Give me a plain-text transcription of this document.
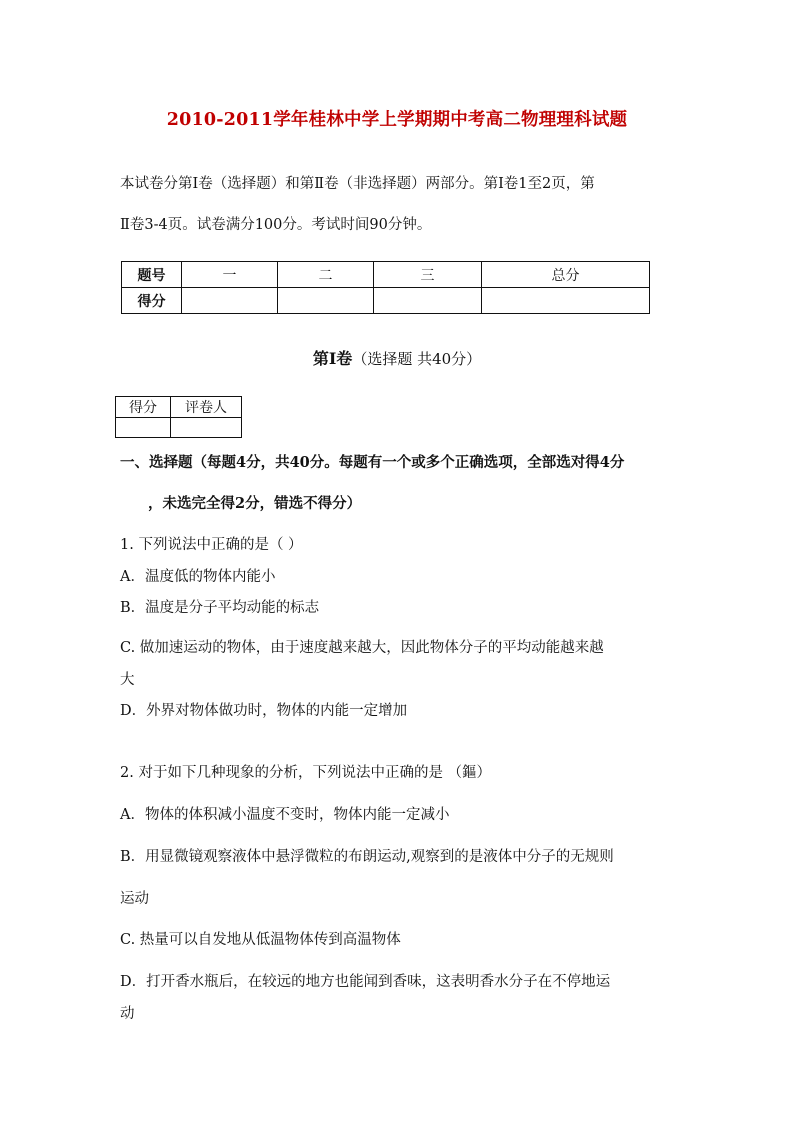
2010-2011学年桂林中学上学期期中考高二物理理科试题
本试卷分第Ⅰ卷（选择题）和第Ⅱ卷（非选择题）两部分。第Ⅰ卷1至2页，第
Ⅱ卷3-4页。试卷满分100分。考试时间90分钟。
题号	一	二	三	总分
得分				
第Ⅰ卷（选择题 共40分）
得分	评卷人

一、选择题（每题4分，共40分。每题有一个或多个正确选项，全部选对得4分
，未选完全得2分，错选不得分）
1. 下列说法中正确的是（ ）
A．温度低的物体内能小
B．温度是分子平均动能的标志
C. 做加速运动的物体，由于速度越来越大，因此物体分子的平均动能越来越
大
D．外界对物体做功时，物体的内能一定增加
2. 对于如下几种现象的分析，下列说法中正确的是 （鏂）
A．物体的体积减小温度不变时，物体内能一定减小
B．用显微镜观察液体中悬浮微粒的布朗运动,观察到的是液体中分子的无规则
运动
C. 热量可以自发地从低温物体传到高温物体
D．打开香水瓶后，在较远的地方也能闻到香味，这表明香水分子在不停地运
动
